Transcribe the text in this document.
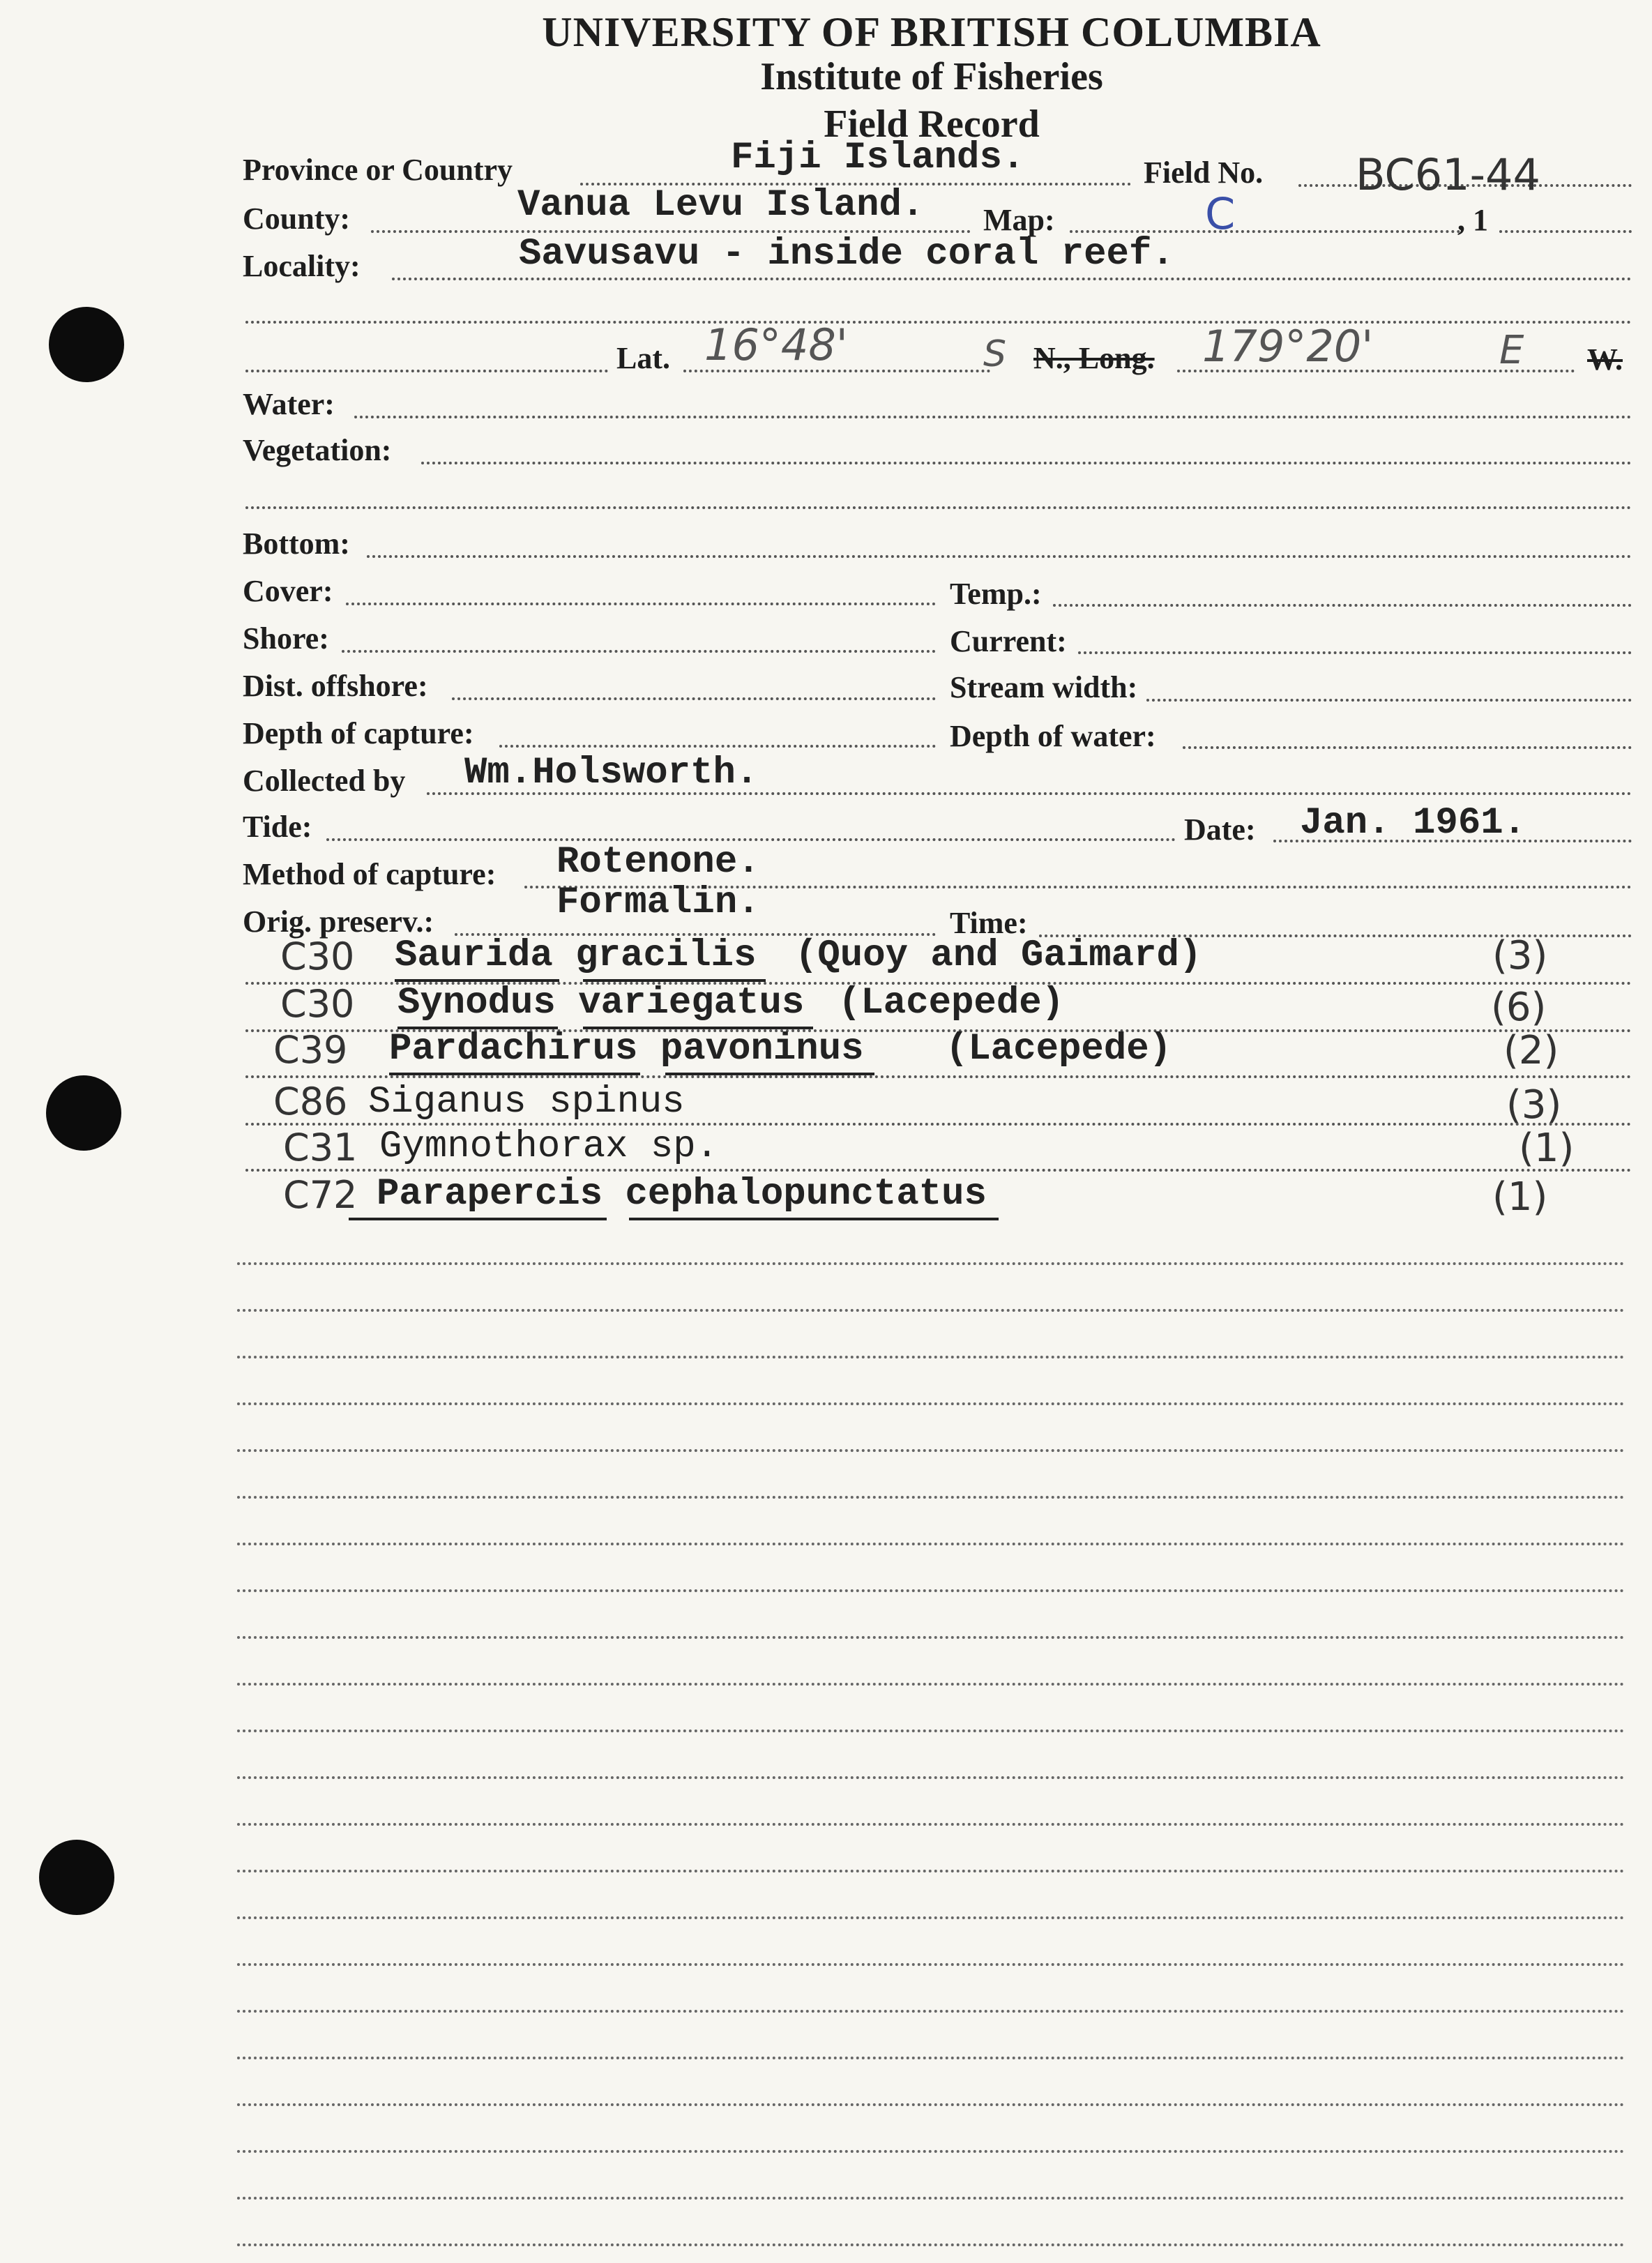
UNIVERSITY OF BRITISH COLUMBIA
Institute of Fisheries
Field Record
Province or Country	Fiji Islands.	Field No. BC61-44
County:	Vanua Levu Island. Map:	C	, 1
Locality:	Savusavu - inside coral reef.
Lat. 16°48'	S N., Long. 179°20'	E W.
Water:
Vegetation:
Bottom:
Cover:	Temp.:
Shore:	Current:
Dist. offshore:	Stream width:
Depth of capture:	Depth of water:
Collected by Wm.Holsworth.
Tide:	Date: Jan. 1961.
Method of capture: Rotenone.
Orig. preserv.:	Formalin.	Time:
C30 Saurida gracilis (Quoy and Gaimard)	(3)
C30 Synodus variegatus (Lacepede)	(6)
C39 Pardachirus pavoninus (Lacepede)	(2)
C86 Siganus spinus	(3)
C31 Gymnothorax sp.	(1)
C72 Parapercis cephalopunctatus	(1)
